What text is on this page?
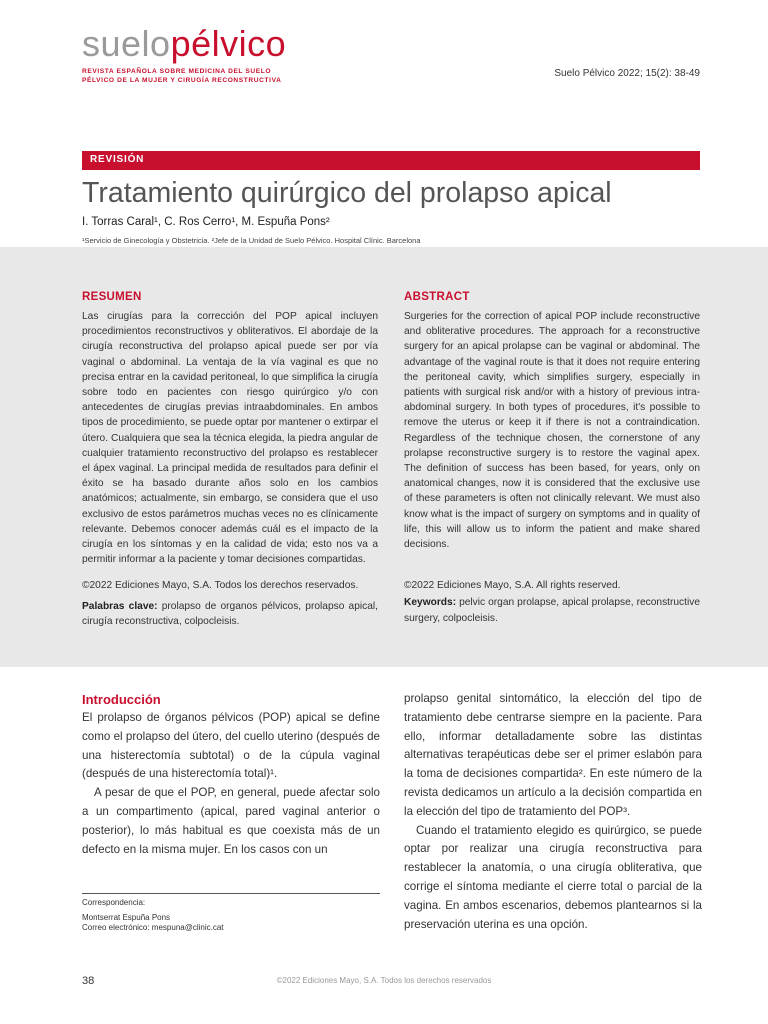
suelopélvico
REVISTA ESPAÑOLA SOBRE MEDICINA DEL SUELO
PÉLVICO DE LA MUJER Y CIRUGÍA RECONSTRUCTIVA
Suelo Pélvico 2022; 15(2): 38-49
REVISIÓN
Tratamiento quirúrgico del prolapso apical
I. Torras Caral¹, C. Ros Cerro¹, M. Espuña Pons²
¹Servicio de Ginecología y Obstetricia. ²Jefe de la Unidad de Suelo Pélvico. Hospital Clínic. Barcelona
RESUMEN

Las cirugías para la corrección del POP apical incluyen procedimientos reconstructivos y obliterativos. El abordaje de la cirugía reconstructiva del prolapso apical puede ser por vía vaginal o abdominal. La ventaja de la vía vaginal es que no precisa entrar en la cavidad peritoneal, lo que simplifica la cirugía sobre todo en pacientes con riesgo quirúrgico y/o con antecedentes de cirugías previas intraabdominales. En ambos tipos de procedimiento, se puede optar por mantener o extirpar el útero. Cualquiera que sea la técnica elegida, la piedra angular de cualquier tratamiento reconstructivo del prolapso es restablecer el ápex vaginal. La principal medida de resultados para definir el éxito se ha basado durante años solo en los cambios anatómicos; actualmente, sin embargo, se considera que el uso exclusivo de estos parámetros muchas veces no es clínicamente relevante. Debemos conocer además cuál es el impacto de la cirugía en los síntomas y en la calidad de vida; esto nos va a permitir informar a la paciente y tomar decisiones compartidas.

©2022 Ediciones Mayo, S.A. Todos los derechos reservados.

Palabras clave: prolapso de organos pélvicos, prolapso apical, cirugía reconstructiva, colpocleisis.

ABSTRACT

Surgeries for the correction of apical POP include reconstructive and obliterative procedures. The approach for a reconstructive surgery for an apical prolapse can be vaginal or abdominal. The advantage of the vaginal route is that it does not require entering the peritoneal cavity, which simplifies surgery, especially in patients with surgical risk and/or with a history of previous intra-abdominal surgery. In both types of procedures, it's possible to remove the uterus or keep it if there is not a contraindication. Regardless of the technique chosen, the cornerstone of any prolapse reconstructive surgery is to restore the vaginal apex. The definition of success has been based, for years, only on anatomical changes, now it is considered that the exclusive use of these parameters is often not clinically relevant. We must also know what is the impact of surgery on symptoms and in quality of life, this will allow us to inform the patient and make shared decisions.

©2022 Ediciones Mayo, S.A. All rights reserved.

Keywords: pelvic organ prolapse, apical prolapse, reconstructive surgery, colpocleisis.

Introducción

El prolapso de órganos pélvicos (POP) apical se define como el prolapso del útero, del cuello uterino (después de una histerectomía subtotal) o de la cúpula vaginal (después de una histerectomía total)¹.

A pesar de que el POP, en general, puede afectar solo a un compartimento (apical, pared vaginal anterior o posterior), lo más habitual es que coexista más de un defecto en la misma mujer. En los casos con un

prolapso genital sintomático, la elección del tipo de tratamiento debe centrarse siempre en la paciente. Para ello, informar detalladamente sobre las distintas alternativas terapéuticas debe ser el primer eslabón para la toma de decisiones compartida². En este número de la revista dedicamos un artículo a la decisión compartida en la elección del tipo de tratamiento del POP³.

Cuando el tratamiento elegido es quirúrgico, se puede optar por realizar una cirugía reconstructiva para restablecer la anatomía, o una cirugía obliterativa, que corrige el síntoma mediante el cierre total o parcial de la vagina. En ambos escenarios, debemos plantearnos si la preservación uterina es una opción.

Correspondencia:
Montserrat Espuña Pons
Correo electrónico: mespuna@clinic.cat
38	©2022 Ediciones Mayo, S.A. Todos los derechos reservados
